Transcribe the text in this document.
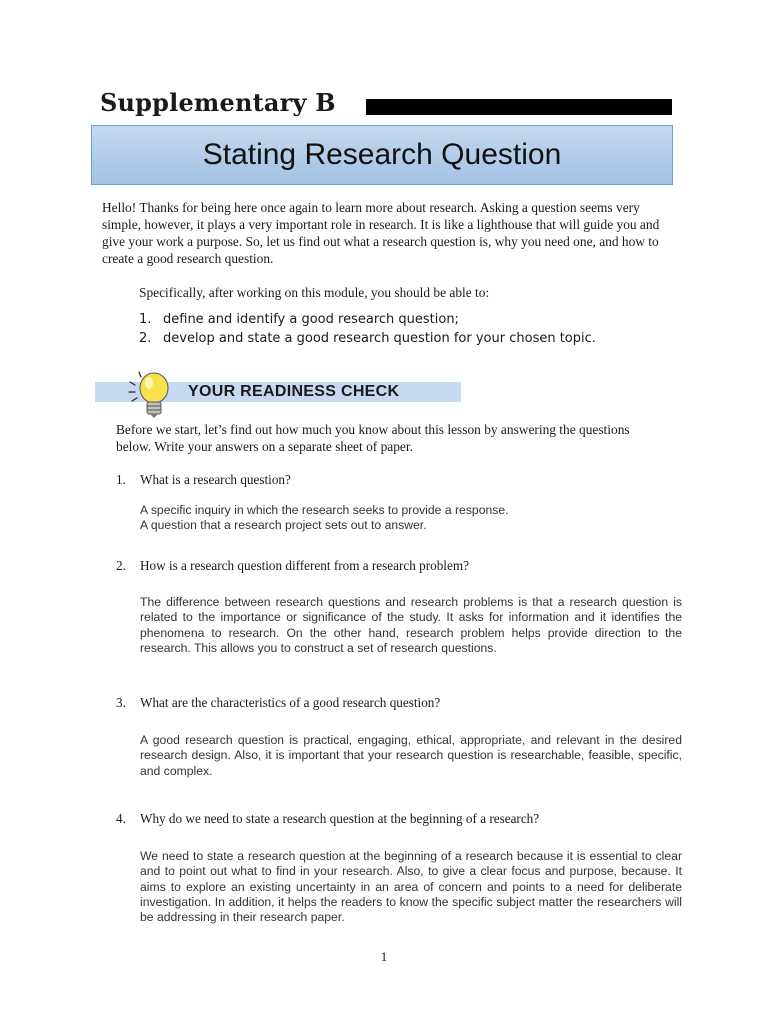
Supplementary B
Stating Research Question
Hello! Thanks for being here once again to learn more about research. Asking a question seems very simple, however, it plays a very important role in research. It is like a lighthouse that will guide you and give your work a purpose. So, let us find out what a research question is, why you need one, and how to create a good research question.
Specifically, after working on this module, you should be able to:
1. define and identify a good research question;
2. develop and state a good research question for your chosen topic.
YOUR READINESS CHECK
Before we start, let’s find out how much you know about this lesson by answering the questions below. Write your answers on a separate sheet of paper.
1. What is a research question?

A specific inquiry in which the research seeks to provide a response.

A question that a research project sets out to answer.

2. How is a research question different from a research problem?
The difference between research questions and research problems is that a research question is related to the importance or significance of the study. It asks for information and it identifies the phenomena to research. On the other hand, research problem helps provide direction to the research. This allows you to construct a set of research questions.
3. What are the characteristics of a good research question?
A good research question is practical, engaging, ethical, appropriate, and relevant in the desired research design. Also, it is important that your research question is researchable, feasible, specific, and complex.
4. Why do we need to state a research question at the beginning of a research?
We need to state a research question at the beginning of a research because it is essential to clear and to point out what to find in your research. Also, to give a clear focus and purpose, because. It aims to explore an existing uncertainty in an area of concern and points to a need for deliberate investigation. In addition, it helps the readers to know the specific subject matter the researchers will be addressing in their research paper.
1
